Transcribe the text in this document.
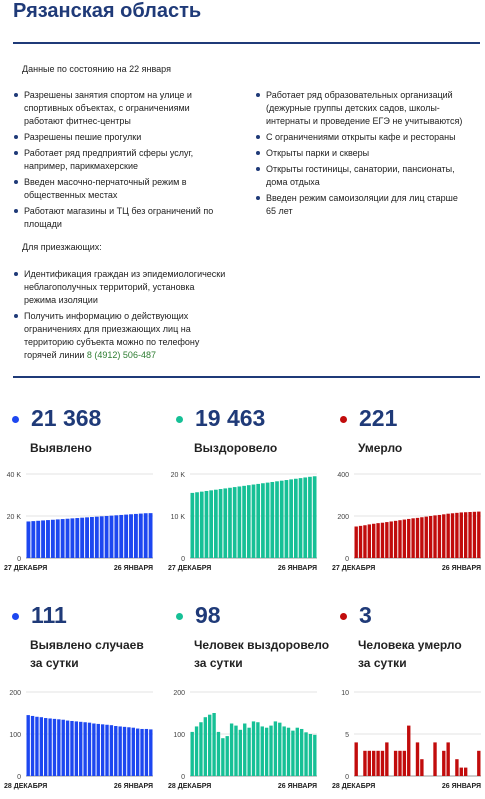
Рязанская область
Данные по состоянию на 22 января
Разрешены занятия спортом на улице и спортивных объектах, с ограничениями работают фитнес-центры
Разрешены пешие прогулки
Работает ряд предприятий сферы услуг, например, парикмахерские
Введен масочно-перчаточный режим в общественных местах
Работают магазины и ТЦ без ограничений по площади
Работает ряд образовательных организаций (дежурные группы детских садов, школы-интернаты и проведение ЕГЭ не учитываются)
С ограничениями открыты кафе и рестораны
Открыты парки и скверы
Открыты гостиницы, санатории, пансионаты, дома отдыха
Введен режим самоизоляции для лиц старше 65 лет
Для приезжающих:
Идентификация граждан из эпидемиологически неблагополучных территорий, установка режима изоляции
Получить информацию о действующих ограничениях для приезжающих лиц на территорию субъекта можно по телефону горячей линии 8 (4912) 506-487
21 368
Выявлено
19 463
Выздоровело
221
Умерло
111
Выявлено случаев
за сутки
98
Человек выздоровело
за сутки
3
Человека умерло
за сутки
0
20 K
40 K
27 ДЕКАБРЯ	26 ЯНВАРЯ
0
10 K
20 K
27 ДЕКАБРЯ	26 ЯНВАРЯ
0
200
400
27 ДЕКАБРЯ	26 ЯНВАРЯ
0
100
200
28 ДЕКАБРЯ	26 ЯНВАРЯ
0
100
200
28 ДЕКАБРЯ	26 ЯНВАРЯ
0
5
10
28 ДЕКАБРЯ	26 ЯНВАРЯ
